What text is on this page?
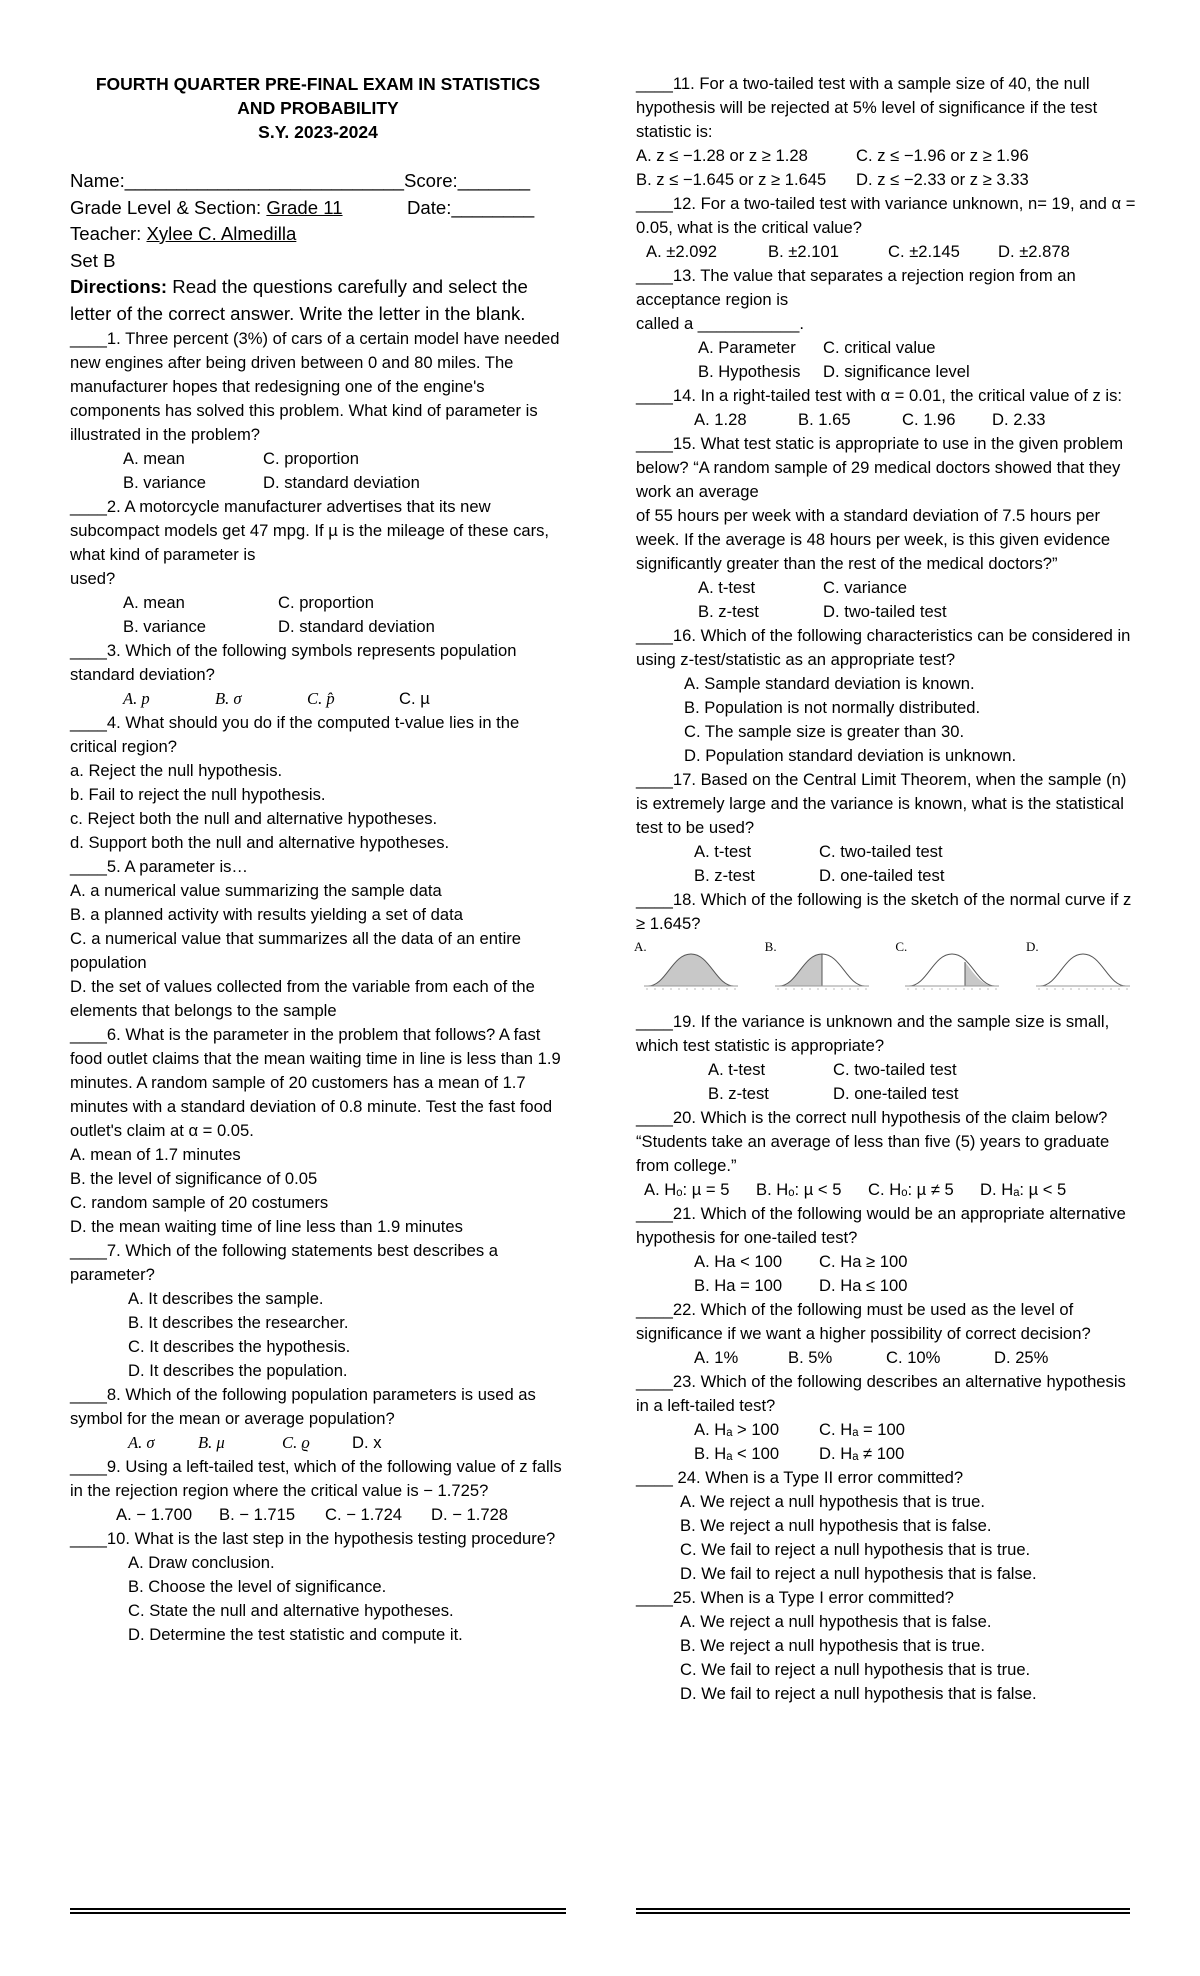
FOURTH QUARTER PRE-FINAL EXAM IN STATISTICS
AND PROBABILITY
S.Y. 2023-2024
Name: ___________________________ Score: _______
Grade Level & Section: Grade 11	Date: ________
Teacher: Xylee C. Almedilla
Set B
Directions: Read the questions carefully and select the letter of the correct answer. Write the letter in the blank.

____1. Three percent (3%) of cars of a certain model have needed new engines after being driven between 0 and 80 miles. The manufacturer hopes that redesigning one of the engine's components has solved this problem. What kind of parameter is illustrated in the problem?

A. mean	C. proportion
B. variance	D. standard deviation

____2. A motorcycle manufacturer advertises that its new subcompact models get 47 mpg. If µ is the mileage of these cars, what kind of parameter is

used?

A. mean	C. proportion
B. variance	D. standard deviation

____3. Which of the following symbols represents population standard deviation?

A. p	B. σ	C. p̂	C. µ

____4. What should you do if the computed t-value lies in the critical region?

a. Reject the null hypothesis.

b. Fail to reject the null hypothesis.

c. Reject both the null and alternative hypotheses.

d. Support both the null and alternative hypotheses.

____5. A parameter is…

A. a numerical value summarizing the sample data

B. a planned activity with results yielding a set of data

C. a numerical value that summarizes all the data of an entire population

D. the set of values collected from the variable from each of the elements that belongs to the sample

____6. What is the parameter in the problem that follows? A fast food outlet claims that the mean waiting time in line is less than 1.9 minutes. A random sample of 20 customers has a mean of 1.7 minutes with a standard deviation of 0.8 minute. Test the fast food outlet's claim at α = 0.05.

A. mean of 1.7 minutes

B. the level of significance of 0.05

C. random sample of 20 costumers

D. the mean waiting time of line less than 1.9 minutes

____7. Which of the following statements best describes a parameter?

A. It describes the sample.

B. It describes the researcher.

C. It describes the hypothesis.

D. It describes the population.

____8. Which of the following population parameters is used as symbol for the mean or average population?

A. σ	B. μ	C. ϱ	D. x

____9. Using a left-tailed test, which of the following value of z falls in the rejection region where the critical value is − 1.725?

A. − 1.700	B. − 1.715	C. − 1.724	D. − 1.728

____10. What is the last step in the hypothesis testing procedure?

A. Draw conclusion.

B. Choose the level of significance.

C. State the null and alternative hypotheses.

D. Determine the test statistic and compute it.

____11. For a two-tailed test with a sample size of 40, the null hypothesis will be rejected at 5% level of significance if the test statistic is:

A. z ≤ −1.28 or z ≥ 1.28	C. z ≤ −1.96 or z ≥ 1.96
B. z ≤ −1.645 or z ≥ 1.645	D. z ≤ −2.33 or z ≥ 3.33

____12. For a two-tailed test with variance unknown, n= 19, and α = 0.05, what is the critical value?

A. ±2.092	B. ±2.101	C. ±2.145	D. ±2.878

____13. The value that separates a rejection region from an acceptance region is

called a ___________.

A. Parameter	C. critical value
B. Hypothesis	D. significance level

____14. In a right-tailed test with α = 0.01, the critical value of z is:

A. 1.28	B. 1.65	C. 1.96	D. 2.33

____15. What test static is appropriate to use in the given problem below? “A random sample of 29 medical doctors showed that they work an average

of 55 hours per week with a standard deviation of 7.5 hours per week. If the average is 48 hours per week, is this given evidence significantly greater than the rest of the medical doctors?”

A. t-test	C. variance
B. z-test	D. two-tailed test

____16. Which of the following characteristics can be considered in using z-test/statistic as an appropriate test?

A. Sample standard deviation is known.

B. Population is not normally distributed.

C. The sample size is greater than 30.

D. Population standard deviation is unknown.

____17. Based on the Central Limit Theorem, when the sample (n) is extremely large and the variance is known, what is the statistical test to be used?

A. t-test	C. two-tailed test
B. z-test	D. one-tailed test

____18. Which of the following is the sketch of the normal curve if z ≥ 1.645?

A.	B.	C.	D.

____19. If the variance is unknown and the sample size is small, which test statistic is appropriate?

A. t-test	C. two-tailed test
B. z-test	D. one-tailed test

____20. Which is the correct null hypothesis of the claim below? “Students take an average of less than five (5) years to graduate from college.”

A. Hₒ: µ = 5	B. Hₒ: µ < 5	C. Hₒ: µ ≠ 5	D. Hₐ: µ < 5

____21. Which of the following would be an appropriate alternative hypothesis for one-tailed test?

A. Ha < 100	C. Ha ≥ 100
B. Ha = 100	D. Ha ≤ 100

____22. Which of the following must be used as the level of significance if we want a higher possibility of correct decision?

A. 1%	B. 5%	C. 10%	D. 25%

____23. Which of the following describes an alternative hypothesis in a left-tailed test?

A. Hₐ > 100	C. Hₐ = 100
B. Hₐ < 100	D. Hₐ ≠ 100

____ 24. When is a Type II error committed?

A. We reject a null hypothesis that is true.

B. We reject a null hypothesis that is false.

C. We fail to reject a null hypothesis that is true.

D. We fail to reject a null hypothesis that is false.

____25. When is a Type I error committed?

A. We reject a null hypothesis that is false.

B. We reject a null hypothesis that is true.

C. We fail to reject a null hypothesis that is true.

D. We fail to reject a null hypothesis that is false.
